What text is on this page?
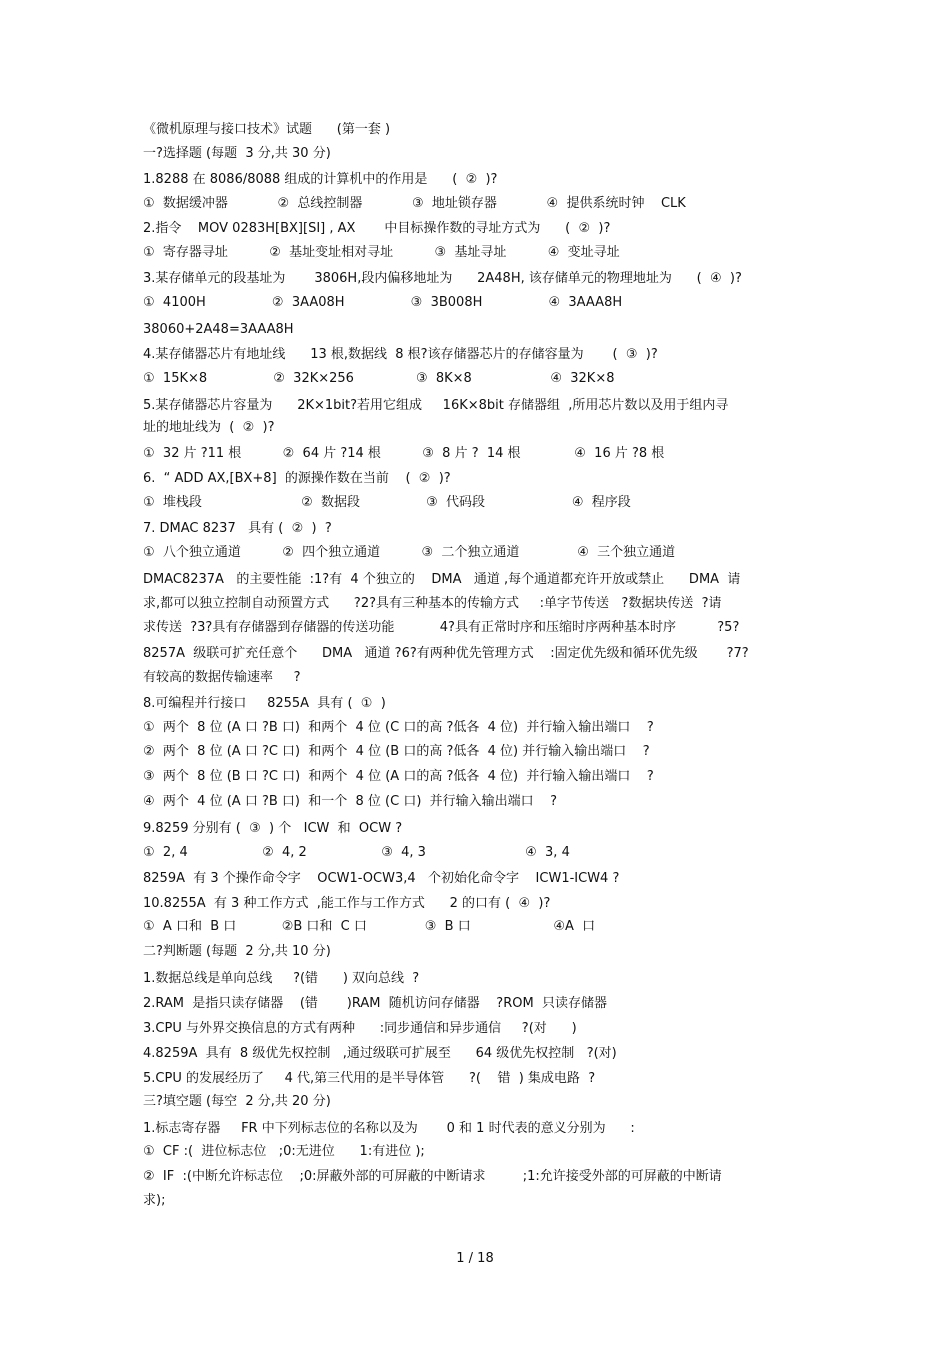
《微机原理与接口技术》试题      (第一套 )

一?选择题 (每题  3 分,共 30 分)

1.8288 在 8086/8088 组成的计算机中的作用是      (  ②  )?

①  数据缓冲器            ②  总线控制器            ③  地址锁存器            ④  提供系统时钟    CLK

2.指令    MOV 0283H[BX][SI] , AX       中目标操作数的寻址方式为      (  ②  )?

①  寄存器寻址          ②  基址变址相对寻址          ③  基址寻址          ④  变址寻址

3.某存储单元的段基址为       3806H,段内偏移地址为      2A48H, 该存储单元的物理地址为      (  ④  )?

①  4100H                ②  3AA08H                ③  3B008H                ④  3AAA8H

38060+2A48=3AAA8H

4.某存储器芯片有地址线      13 根,数据线  8 根?该存储器芯片的存储容量为       (  ③  )?

①  15K×8                ②  32K×256               ③  8K×8                   ④  32K×8

5.某存储器芯片容量为      2K×1bit?若用它组成     16K×8bit 存储器组  ,所用芯片数以及用于组内寻

址的地址线为  (  ②  )?

①  32 片 ?11 根          ②  64 片 ?14 根          ③  8 片 ?  14 根             ④  16 片 ?8 根

6.  “ ADD AX,[BX+8]  的源操作数在当前    (  ②  )?

①  堆栈段                        ②  数据段                ③  代码段                     ④  程序段

7. DMAC 8237   具有 (  ②  )  ?

①  八个独立通道          ②  四个独立通道          ③  二个独立通道              ④  三个独立通道

DMAC8237A   的主要性能  :1?有  4 个独立的    DMA   通道 ,每个通道都充许开放或禁止      DMA  请

求,都可以独立控制自动预置方式      ?2?具有三种基本的传输方式     :单字节传送   ?数据块传送  ?请

求传送  ?3?具有存储器到存储器的传送功能           4?具有正常时序和压缩时序两种基本时序          ?5?

8257A  级联可扩充任意个      DMA   通道 ?6?有两种优先管理方式    :固定优先级和循环优先级       ?7?

有较高的数据传输速率     ?

8.可编程并行接口     8255A  具有 (  ①  )

①  两个  8 位 (A 口 ?B 口)  和两个  4 位 (C 口的高 ?低各  4 位)  并行输入输出端口    ?

②  两个  8 位 (A 口 ?C 口)  和两个  4 位 (B 口的高 ?低各  4 位) 并行输入输出端口    ?

③  两个  8 位 (B 口 ?C 口)  和两个  4 位 (A 口的高 ?低各  4 位)  并行输入输出端口    ?

④  两个  4 位 (A 口 ?B 口)  和一个  8 位 (C 口)  并行输入输出端口    ?

9.8259 分别有 (  ③  ) 个   ICW  和  OCW ?

①  2, 4                  ②  4, 2                  ③  4, 3                        ④  3, 4

8259A  有 3 个操作命令字    OCW1-OCW3,4   个初始化命令字    ICW1-ICW4 ?

10.8255A  有 3 种工作方式  ,能工作与工作方式      2 的口有 (  ④  )?

①  A 口和  B 口           ②B 口和  C 口              ③  B 口                    ④A  口

二?判断题 (每题  2 分,共 10 分)

1.数据总线是单向总线     ?(错      ) 双向总线  ?

2.RAM  是指只读存储器    (错       )RAM  随机访问存储器    ?ROM  只读存储器

3.CPU 与外界交换信息的方式有两种      :同步通信和异步通信     ?(对      )

4.8259A  具有  8 级优先权控制   ,通过级联可扩展至      64 级优先权控制   ?(对)

5.CPU 的发展经历了     4 代,第三代用的是半导体管      ?(    错  ) 集成电路  ?

三?填空题 (每空  2 分,共 20 分)

1.标志寄存器     FR 中下列标志位的名称以及为       0 和 1 时代表的意义分别为      :

①  CF :(  进位标志位   ;0:无进位      1:有进位 );

②  IF  :(中断允许标志位    ;0:屏蔽外部的可屏蔽的中断请求         ;1:允许接受外部的可屏蔽的中断请

求);

1 / 18
